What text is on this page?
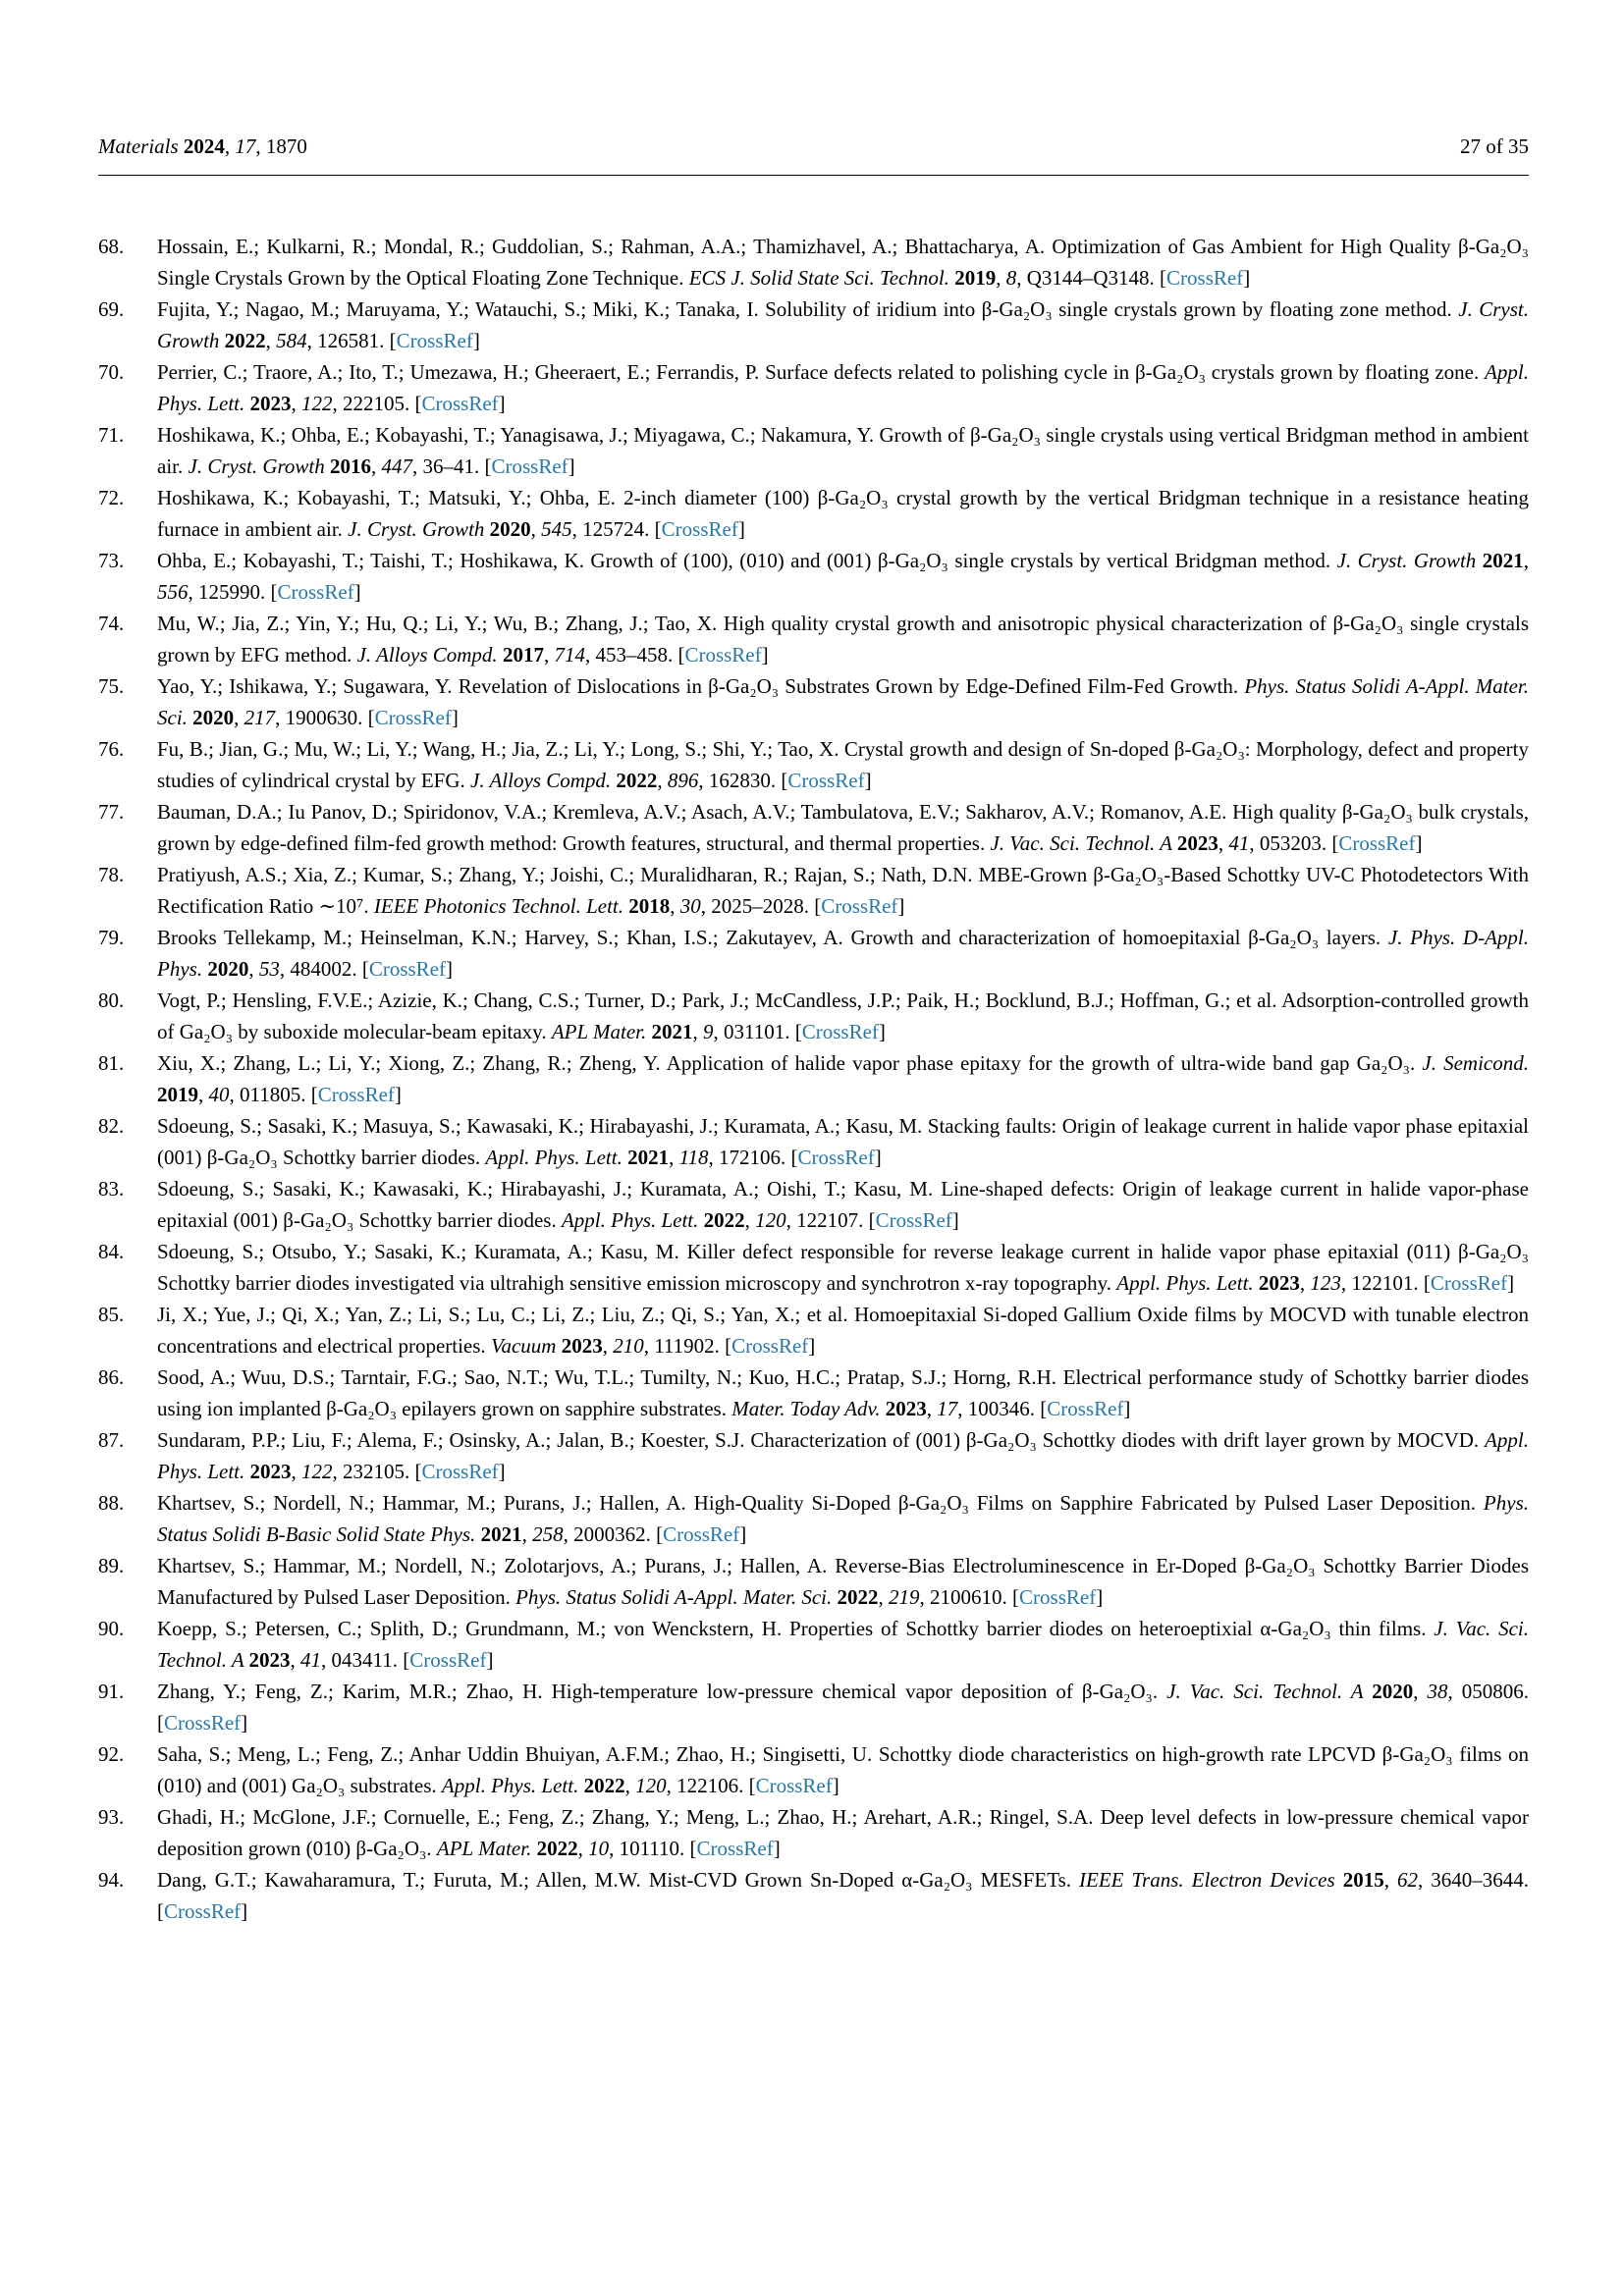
Materials 2024, 17, 1870	27 of 35
68.	Hossain, E.; Kulkarni, R.; Mondal, R.; Guddolian, S.; Rahman, A.A.; Thamizhavel, A.; Bhattacharya, A. Optimization of Gas Ambient for High Quality β-Ga₂O₃ Single Crystals Grown by the Optical Floating Zone Technique. ECS J. Solid State Sci. Technol. 2019, 8, Q3144–Q3148. [CrossRef]
69.	Fujita, Y.; Nagao, M.; Maruyama, Y.; Watauchi, S.; Miki, K.; Tanaka, I. Solubility of iridium into β-Ga₂O₃ single crystals grown by floating zone method. J. Cryst. Growth 2022, 584, 126581. [CrossRef]
70.	Perrier, C.; Traore, A.; Ito, T.; Umezawa, H.; Gheeraert, E.; Ferrandis, P. Surface defects related to polishing cycle in β-Ga₂O₃ crystals grown by floating zone. Appl. Phys. Lett. 2023, 122, 222105. [CrossRef]
71.	Hoshikawa, K.; Ohba, E.; Kobayashi, T.; Yanagisawa, J.; Miyagawa, C.; Nakamura, Y. Growth of β-Ga₂O₃ single crystals using vertical Bridgman method in ambient air. J. Cryst. Growth 2016, 447, 36–41. [CrossRef]
72.	Hoshikawa, K.; Kobayashi, T.; Matsuki, Y.; Ohba, E. 2-inch diameter (100) β-Ga₂O₃ crystal growth by the vertical Bridgman technique in a resistance heating furnace in ambient air. J. Cryst. Growth 2020, 545, 125724. [CrossRef]
73.	Ohba, E.; Kobayashi, T.; Taishi, T.; Hoshikawa, K. Growth of (100), (010) and (001) β-Ga₂O₃ single crystals by vertical Bridgman method. J. Cryst. Growth 2021, 556, 125990. [CrossRef]
74.	Mu, W.; Jia, Z.; Yin, Y.; Hu, Q.; Li, Y.; Wu, B.; Zhang, J.; Tao, X. High quality crystal growth and anisotropic physical characterization of β-Ga₂O₃ single crystals grown by EFG method. J. Alloys Compd. 2017, 714, 453–458. [CrossRef]
75.	Yao, Y.; Ishikawa, Y.; Sugawara, Y. Revelation of Dislocations in β-Ga₂O₃ Substrates Grown by Edge-Defined Film-Fed Growth. Phys. Status Solidi A-Appl. Mater. Sci. 2020, 217, 1900630. [CrossRef]
76.	Fu, B.; Jian, G.; Mu, W.; Li, Y.; Wang, H.; Jia, Z.; Li, Y.; Long, S.; Shi, Y.; Tao, X. Crystal growth and design of Sn-doped β-Ga₂O₃: Morphology, defect and property studies of cylindrical crystal by EFG. J. Alloys Compd. 2022, 896, 162830. [CrossRef]
77.	Bauman, D.A.; Iu Panov, D.; Spiridonov, V.A.; Kremleva, A.V.; Asach, A.V.; Tambulatova, E.V.; Sakharov, A.V.; Romanov, A.E. High quality β-Ga₂O₃ bulk crystals, grown by edge-defined film-fed growth method: Growth features, structural, and thermal properties. J. Vac. Sci. Technol. A 2023, 41, 053203. [CrossRef]
78.	Pratiyush, A.S.; Xia, Z.; Kumar, S.; Zhang, Y.; Joishi, C.; Muralidharan, R.; Rajan, S.; Nath, D.N. MBE-Grown β-Ga₂O₃-Based Schottky UV-C Photodetectors With Rectification Ratio ∼10⁷. IEEE Photonics Technol. Lett. 2018, 30, 2025–2028. [CrossRef]
79.	Brooks Tellekamp, M.; Heinselman, K.N.; Harvey, S.; Khan, I.S.; Zakutayev, A. Growth and characterization of homoepitaxial β-Ga₂O₃ layers. J. Phys. D-Appl. Phys. 2020, 53, 484002. [CrossRef]
80.	Vogt, P.; Hensling, F.V.E.; Azizie, K.; Chang, C.S.; Turner, D.; Park, J.; McCandless, J.P.; Paik, H.; Bocklund, B.J.; Hoffman, G.; et al. Adsorption-controlled growth of Ga₂O₃ by suboxide molecular-beam epitaxy. APL Mater. 2021, 9, 031101. [CrossRef]
81.	Xiu, X.; Zhang, L.; Li, Y.; Xiong, Z.; Zhang, R.; Zheng, Y. Application of halide vapor phase epitaxy for the growth of ultra-wide band gap Ga₂O₃. J. Semicond. 2019, 40, 011805. [CrossRef]
82.	Sdoeung, S.; Sasaki, K.; Masuya, S.; Kawasaki, K.; Hirabayashi, J.; Kuramata, A.; Kasu, M. Stacking faults: Origin of leakage current in halide vapor phase epitaxial (001) β-Ga₂O₃ Schottky barrier diodes. Appl. Phys. Lett. 2021, 118, 172106. [CrossRef]
83.	Sdoeung, S.; Sasaki, K.; Kawasaki, K.; Hirabayashi, J.; Kuramata, A.; Oishi, T.; Kasu, M. Line-shaped defects: Origin of leakage current in halide vapor-phase epitaxial (001) β-Ga₂O₃ Schottky barrier diodes. Appl. Phys. Lett. 2022, 120, 122107. [CrossRef]
84.	Sdoeung, S.; Otsubo, Y.; Sasaki, K.; Kuramata, A.; Kasu, M. Killer defect responsible for reverse leakage current in halide vapor phase epitaxial (011) β-Ga₂O₃ Schottky barrier diodes investigated via ultrahigh sensitive emission microscopy and synchrotron x-ray topography. Appl. Phys. Lett. 2023, 123, 122101. [CrossRef]
85.	Ji, X.; Yue, J.; Qi, X.; Yan, Z.; Li, S.; Lu, C.; Li, Z.; Liu, Z.; Qi, S.; Yan, X.; et al. Homoepitaxial Si-doped Gallium Oxide films by MOCVD with tunable electron concentrations and electrical properties. Vacuum 2023, 210, 111902. [CrossRef]
86.	Sood, A.; Wuu, D.S.; Tarntair, F.G.; Sao, N.T.; Wu, T.L.; Tumilty, N.; Kuo, H.C.; Pratap, S.J.; Horng, R.H. Electrical performance study of Schottky barrier diodes using ion implanted β-Ga₂O₃ epilayers grown on sapphire substrates. Mater. Today Adv. 2023, 17, 100346. [CrossRef]
87.	Sundaram, P.P.; Liu, F.; Alema, F.; Osinsky, A.; Jalan, B.; Koester, S.J. Characterization of (001) β-Ga₂O₃ Schottky diodes with drift layer grown by MOCVD. Appl. Phys. Lett. 2023, 122, 232105. [CrossRef]
88.	Khartsev, S.; Nordell, N.; Hammar, M.; Purans, J.; Hallen, A. High-Quality Si-Doped β-Ga₂O₃ Films on Sapphire Fabricated by Pulsed Laser Deposition. Phys. Status Solidi B-Basic Solid State Phys. 2021, 258, 2000362. [CrossRef]
89.	Khartsev, S.; Hammar, M.; Nordell, N.; Zolotarjovs, A.; Purans, J.; Hallen, A. Reverse-Bias Electroluminescence in Er-Doped β-Ga₂O₃ Schottky Barrier Diodes Manufactured by Pulsed Laser Deposition. Phys. Status Solidi A-Appl. Mater. Sci. 2022, 219, 2100610. [CrossRef]
90.	Koepp, S.; Petersen, C.; Splith, D.; Grundmann, M.; von Wenckstern, H. Properties of Schottky barrier diodes on heteroeptixial α-Ga₂O₃ thin films. J. Vac. Sci. Technol. A 2023, 41, 043411. [CrossRef]
91.	Zhang, Y.; Feng, Z.; Karim, M.R.; Zhao, H. High-temperature low-pressure chemical vapor deposition of β-Ga₂O₃. J. Vac. Sci. Technol. A 2020, 38, 050806. [CrossRef]
92.	Saha, S.; Meng, L.; Feng, Z.; Anhar Uddin Bhuiyan, A.F.M.; Zhao, H.; Singisetti, U. Schottky diode characteristics on high-growth rate LPCVD β-Ga₂O₃ films on (010) and (001) Ga₂O₃ substrates. Appl. Phys. Lett. 2022, 120, 122106. [CrossRef]
93.	Ghadi, H.; McGlone, J.F.; Cornuelle, E.; Feng, Z.; Zhang, Y.; Meng, L.; Zhao, H.; Arehart, A.R.; Ringel, S.A. Deep level defects in low-pressure chemical vapor deposition grown (010) β-Ga₂O₃. APL Mater. 2022, 10, 101110. [CrossRef]
94.	Dang, G.T.; Kawaharamura, T.; Furuta, M.; Allen, M.W. Mist-CVD Grown Sn-Doped α-Ga₂O₃ MESFETs. IEEE Trans. Electron Devices 2015, 62, 3640–3644. [CrossRef]
